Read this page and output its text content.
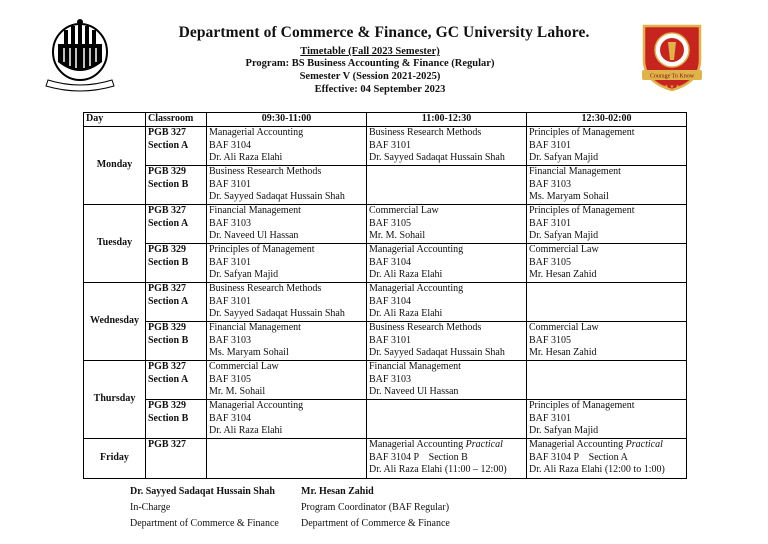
Courage To Know
★ ★ ★
Department of Commerce & Finance, GC University Lahore.
Timetable (Fall 2023 Semester)
Program: BS Business Accounting & Finance (Regular)
Semester V (Session 2021-2025)
Effective: 04 September 2023
Day	Classroom	09:30-11:00	11:00-12:30	12:30-02:00
Monday	PGB 327
Section A	Managerial Accounting
BAF 3104
Dr. Ali Raza Elahi	Business Research Methods
BAF 3101
Dr. Sayyed Sadaqat Hussain Shah	Principles of Management
BAF 3101
Dr. Safyan Majid

	PGB 329
Section B	Business Research Methods
BAF 3101
Dr. Sayyed Sadaqat Hussain Shah		Financial Management
BAF 3103
Ms. Maryam Sohail

Tuesday	PGB 327
Section A	Financial Management
BAF 3103
Dr. Naveed Ul Hassan	Commercial Law
BAF 3105
Mr. M. Sohail	Principles of Management
BAF 3101
Dr. Safyan Majid

	PGB 329
Section B	Principles of Management
BAF 3101
Dr. Safyan Majid	Managerial Accounting
BAF 3104
Dr. Ali Raza Elahi	Commercial Law
BAF 3105
Mr. Hesan Zahid

Wednesday	PGB 327
Section A	Business Research Methods
BAF 3101
Dr. Sayyed Sadaqat Hussain Shah	Managerial Accounting
BAF 3104
Dr. Ali Raza Elahi	

	PGB 329
Section B	Financial Management
BAF 3103
Ms. Maryam Sohail	Business Research Methods
BAF 3101
Dr. Sayyed Sadaqat Hussain Shah	Commercial Law
BAF 3105
Mr. Hesan Zahid

Thursday	PGB 327
Section A	Commercial Law
BAF 3105
Mr. M. Sohail	Financial Management
BAF 3103
Dr. Naveed Ul Hassan	

	PGB 329
Section B	Managerial Accounting
BAF 3104
Dr. Ali Raza Elahi		Principles of Management
BAF 3101
Dr. Safyan Majid

Friday	PGB 327		Managerial Accounting Practical
BAF 3104 P    Section B
Dr. Ali Raza Elahi (11:00 – 12:00)	Managerial Accounting Practical
BAF 3104 P    Section A
Dr. Ali Raza Elahi (12:00 to 1:00)
Dr. Sayyed Sadaqat Hussain Shah
In-Charge
Department of Commerce & Finance
Mr. Hesan Zahid
Program Coordinator (BAF Regular)
Department of Commerce & Finance
